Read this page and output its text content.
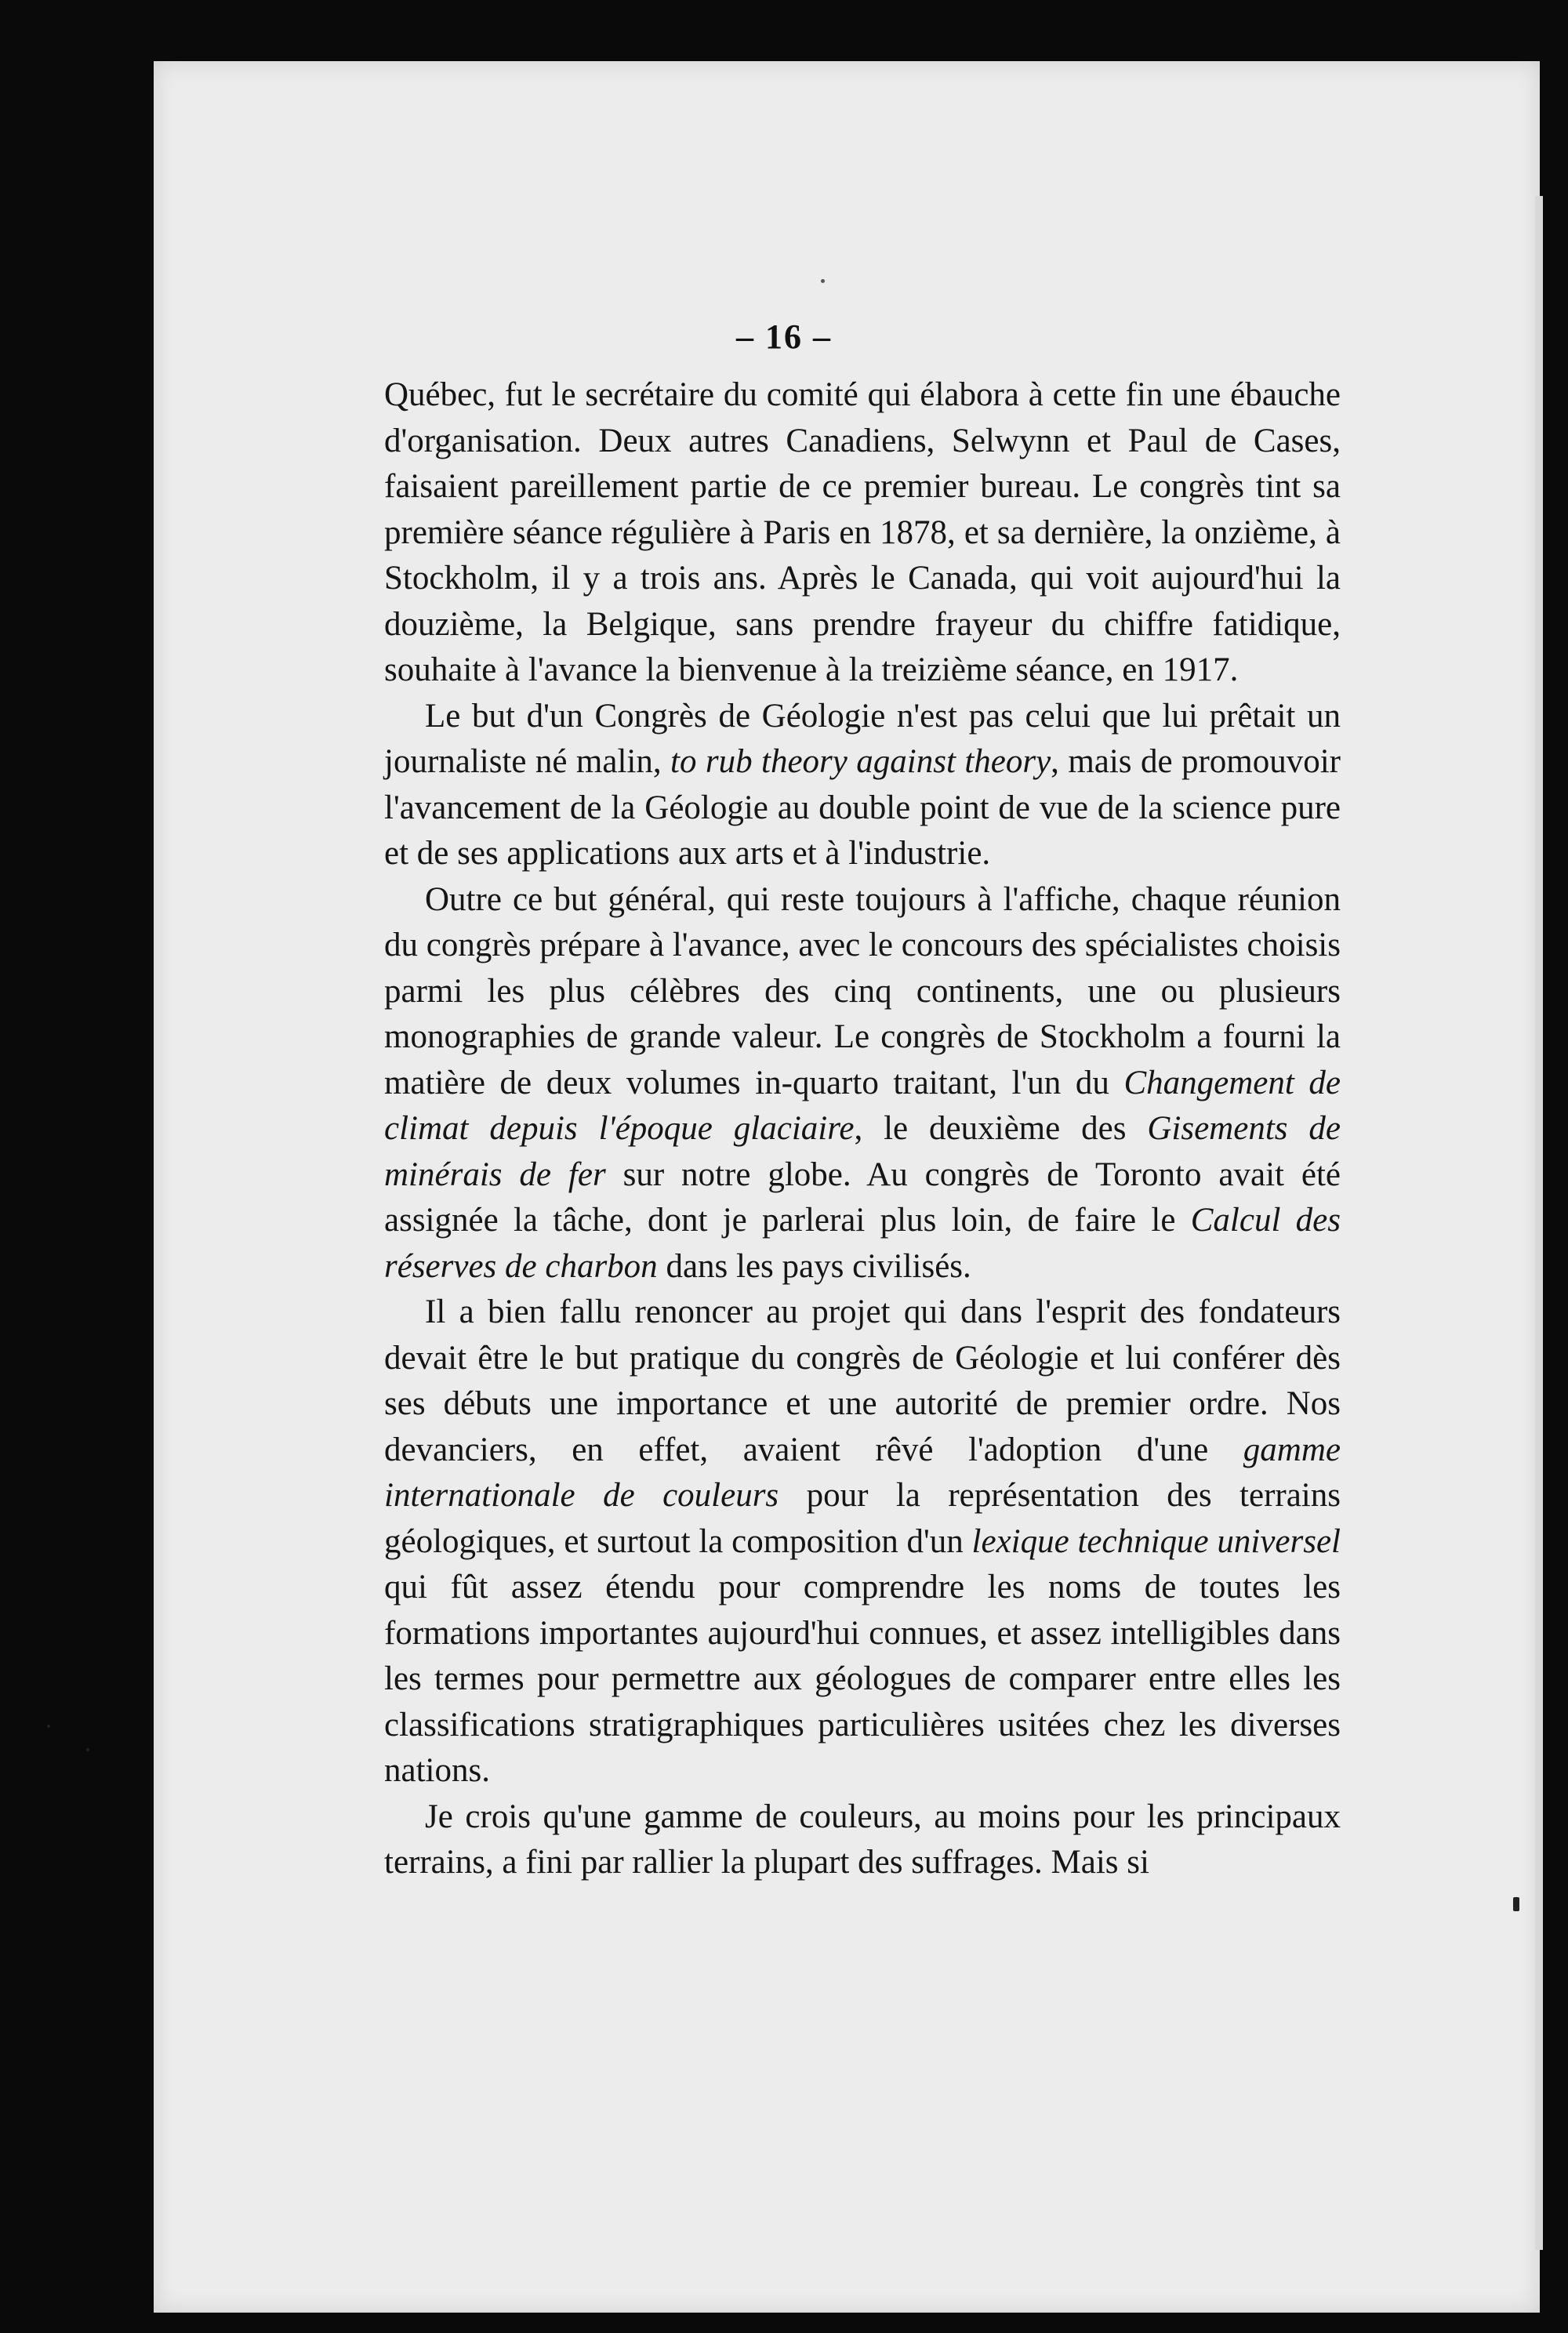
– 16 –

Québec, fut le secrétaire du comité qui élabora à cette fin une ébauche d'organisation. Deux autres Canadiens, Selwynn et Paul de Cases, faisaient pareillement partie de ce premier bureau. Le congrès tint sa première séance régulière à Paris en 1878, et sa dernière, la onzième, à Stockholm, il y a trois ans. Après le Canada, qui voit aujourd'hui la douzième, la Belgique, sans prendre frayeur du chiffre fatidique, souhaite à l'avance la bienvenue à la treizième séance, en 1917.

Le but d'un Congrès de Géologie n'est pas celui que lui prêtait un journaliste né malin, to rub theory against theory, mais de promouvoir l'avancement de la Géologie au double point de vue de la science pure et de ses applications aux arts et à l'industrie.

Outre ce but général, qui reste toujours à l'affiche, chaque réunion du congrès prépare à l'avance, avec le concours des spécialistes choisis parmi les plus célèbres des cinq continents, une ou plusieurs monographies de grande valeur. Le congrès de Stockholm a fourni la matière de deux volumes in-quarto traitant, l'un du Changement de climat depuis l'époque glaciaire, le deuxième des Gisements de minérais de fer sur notre globe. Au congrès de Toronto avait été assignée la tâche, dont je parlerai plus loin, de faire le Calcul des réserves de charbon dans les pays civilisés.

Il a bien fallu renoncer au projet qui dans l'esprit des fondateurs devait être le but pratique du congrès de Géologie et lui conférer dès ses débuts une importance et une autorité de premier ordre. Nos devanciers, en effet, avaient rêvé l'adoption d'une gamme internationale de couleurs pour la représentation des terrains géologiques, et surtout la composition d'un lexique technique universel qui fût assez étendu pour comprendre les noms de toutes les formations importantes aujourd'hui connues, et assez intelligibles dans les termes pour permettre aux géologues de comparer entre elles les classifications stratigraphiques particulières usitées chez les diverses nations.

Je crois qu'une gamme de couleurs, au moins pour les principaux terrains, a fini par rallier la plupart des suffrages. Mais si
